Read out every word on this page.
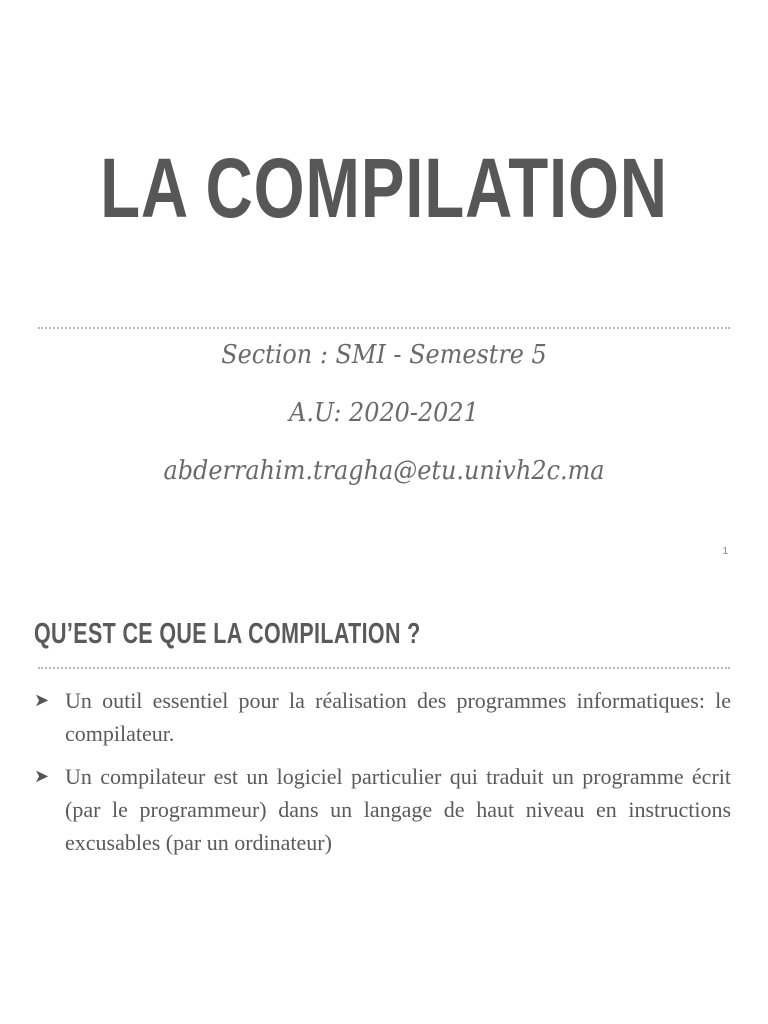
LA COMPILATION
Section : SMI - Semestre 5
A.U: 2020-2021
abderrahim.tragha@etu.univh2c.ma
1
QU’EST CE QUE LA COMPILATION ?
➤ Un outil essentiel pour la réalisation des programmes informatiques: le compilateur.
➤ Un compilateur est un logiciel particulier qui traduit un programme écrit (par le programmeur) dans un langage de haut niveau en instructions excusables (par un ordinateur)
